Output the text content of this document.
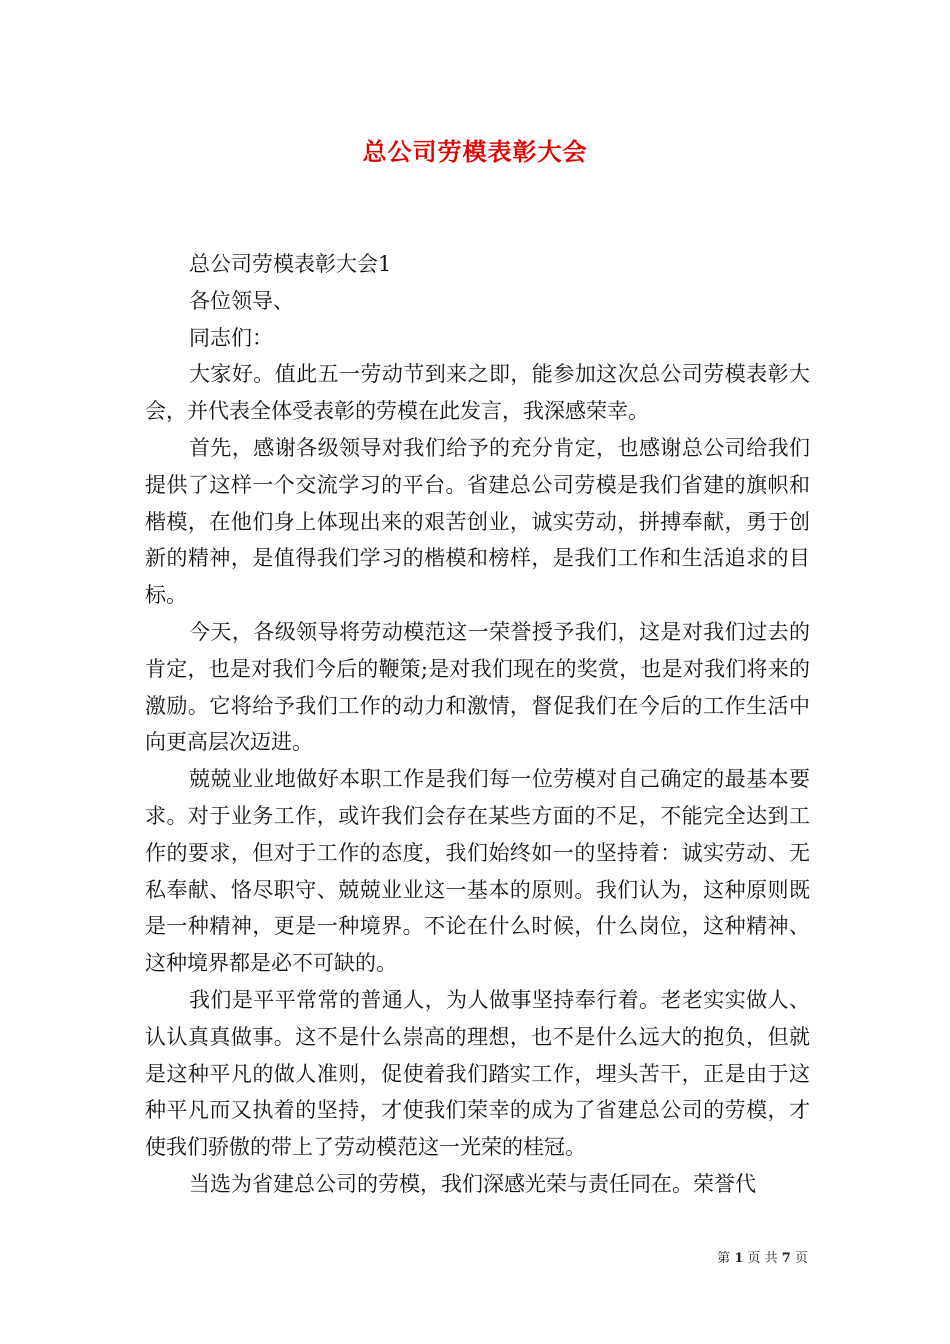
总公司劳模表彰大会

总公司劳模表彰大会1

各位领导、

同志们：

大家好。值此五一劳动节到来之即，能参加这次总公司劳模表彰大会，并代表全体受表彰的劳模在此发言，我深感荣幸。

首先，感谢各级领导对我们给予的充分肯定，也感谢总公司给我们提供了这样一个交流学习的平台。省建总公司劳模是我们省建的旗帜和楷模，在他们身上体现出来的艰苦创业，诚实劳动，拼搏奉献，勇于创新的精神，是值得我们学习的楷模和榜样，是我们工作和生活追求的目标。

今天，各级领导将劳动模范这一荣誉授予我们，这是对我们过去的肯定，也是对我们今后的鞭策;是对我们现在的奖赏，也是对我们将来的激励。它将给予我们工作的动力和激情，督促我们在今后的工作生活中向更高层次迈进。

兢兢业业地做好本职工作是我们每一位劳模对自己确定的最基本要求。对于业务工作，或许我们会存在某些方面的不足，不能完全达到工作的要求，但对于工作的态度，我们始终如一的坚持着：诚实劳动、无私奉献、恪尽职守、兢兢业业这一基本的原则。我们认为，这种原则既是一种精神，更是一种境界。不论在什么时候，什么岗位，这种精神、这种境界都是必不可缺的。

我们是平平常常的普通人，为人做事坚持奉行着。老老实实做人、认认真真做事。这不是什么崇高的理想，也不是什么远大的抱负，但就是这种平凡的做人准则，促使着我们踏实工作，埋头苦干，正是由于这种平凡而又执着的坚持，才使我们荣幸的成为了省建总公司的劳模，才使我们骄傲的带上了劳动模范这一光荣的桂冠。

当选为省建总公司的劳模，我们深感光荣与责任同在。荣誉代

第 1 页 共 7 页
